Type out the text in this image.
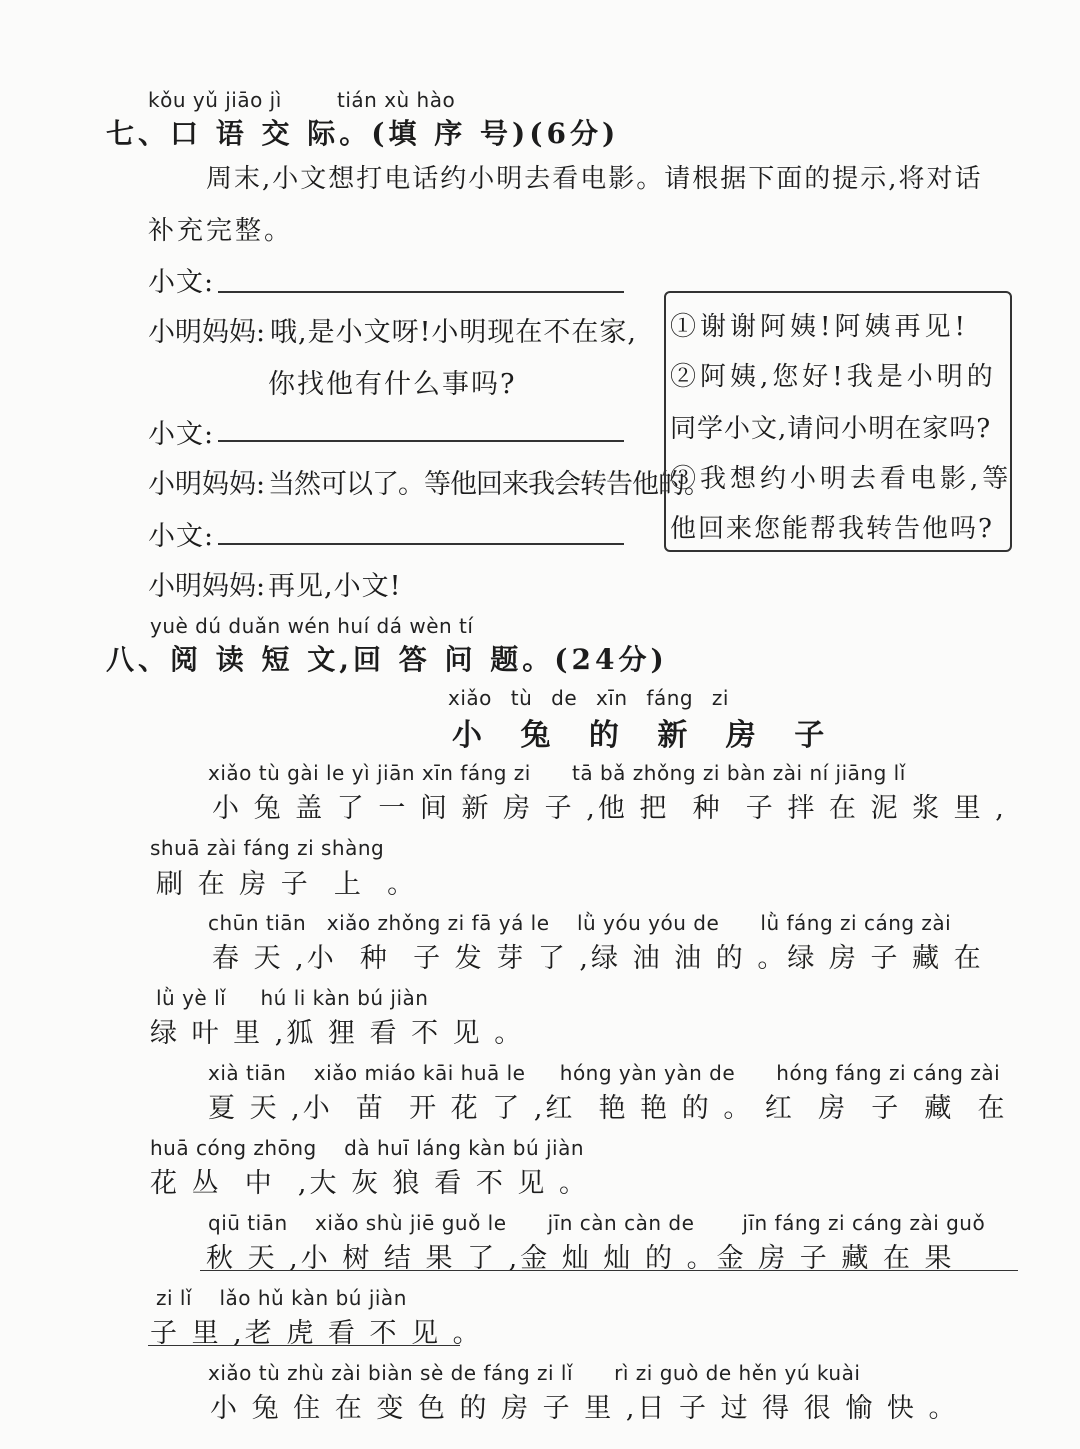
kǒu yǔ jiāo jì	tián xù hào
七、口 语 交 际。(填 序 号)(6分)
周末,小文想打电话约小明去看电影。请根据下面的提示,将对话
补充完整。
小文:
小明妈妈: 哦,是小文呀!小明现在不在家,
你找他有什么事吗?
小文:
小明妈妈: 当然可以了。等他回来我会转告他的。
小文:
小明妈妈: 再见,小文!
①谢谢阿姨!阿姨再见!
②阿姨,您好!我是小明的
同学小文,请问小明在家吗?
③我想约小明去看电影,等
他回来您能帮我转告他吗?
yuè dú duǎn wén huí dá wèn tí
八、阅 读 短 文,回 答 问 题。(24分)
xiǎo tù de xīn fáng zi
小 兔 的 新 房 子
xiǎo tù gài le yì jiān xīn fáng zi      tā bǎ zhǒng zi bàn zài ní jiāng lǐ
小 兔 盖 了 一 间 新 房 子 ,他 把  种  子 拌 在 泥 浆 里 ,
shuā zài fáng zi shàng
刷 在 房 子  上  。
chūn tiān   xiǎo zhǒng zi fā yá le    lǜ yóu yóu de      lǜ fáng zi cáng zài
春 天 ,小  种  子 发 芽 了 ,绿 油 油 的 。绿 房 子 藏 在
lǜ yè lǐ     hú li kàn bú jiàn
绿 叶 里 ,狐 狸 看 不 见 。
xià tiān    xiǎo miáo kāi huā le     hóng yàn yàn de      hóng fáng zi cáng zài
夏 天 ,小  苗  开 花 了 ,红  艳 艳 的 。 红  房  子  藏  在
huā cóng zhōng    dà huī láng kàn bú jiàn
花 丛  中  ,大 灰 狼 看 不 见 。
qiū tiān    xiǎo shù jiē guǒ le      jīn càn càn de       jīn fáng zi cáng zài guǒ
秋 天 ,小 树 结 果 了 ,金 灿 灿 的 。金 房 子 藏 在 果
zi lǐ    lǎo hǔ kàn bú jiàn
子 里 ,老 虎 看 不 见 。
xiǎo tù zhù zài biàn sè de fáng zi lǐ      rì zi guò de hěn yú kuài
小 兔 住 在 变 色 的 房 子 里 ,日 子 过 得 很 愉 快 。
